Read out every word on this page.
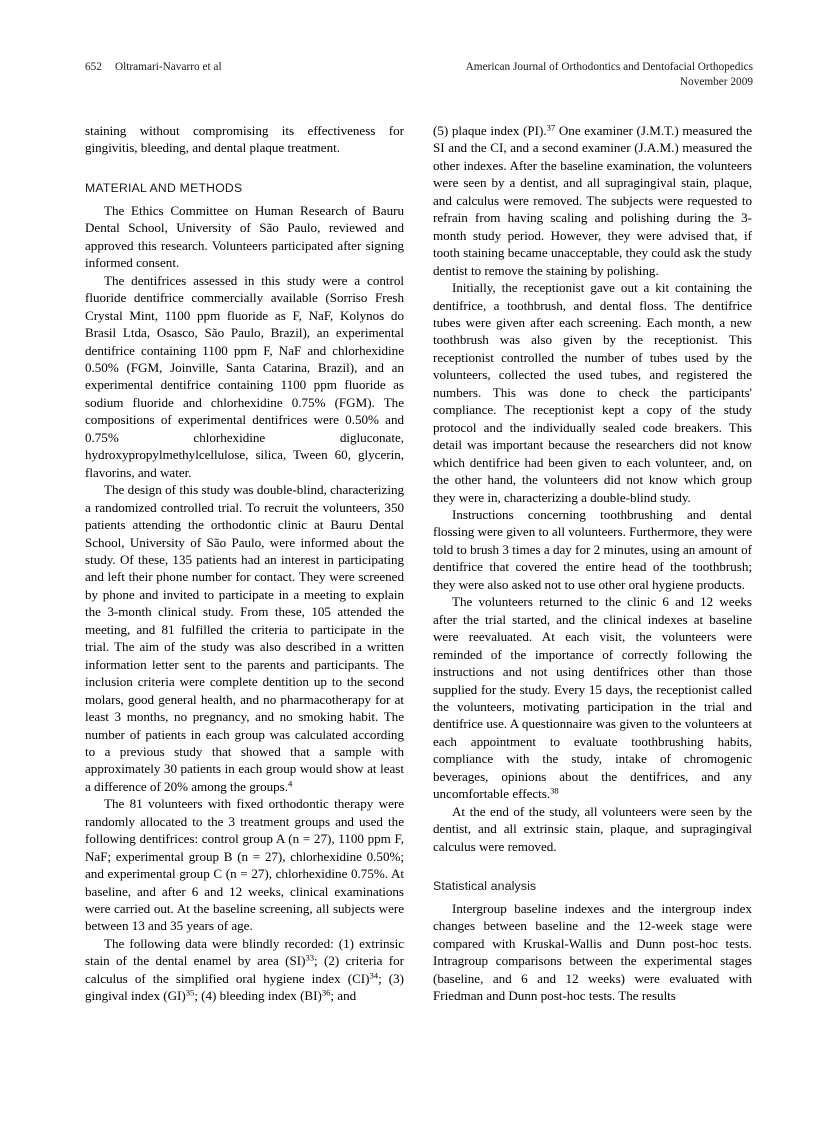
652 Oltramari-Navarro et al	American Journal of Orthodontics and Dentofacial Orthopedics
November 2009

staining without compromising its effectiveness for gingivitis, bleeding, and dental plaque treatment.

MATERIAL AND METHODS

The Ethics Committee on Human Research of Bauru Dental School, University of São Paulo, reviewed and approved this research. Volunteers participated after signing informed consent.

The dentifrices assessed in this study were a control fluoride dentifrice commercially available (Sorriso Fresh Crystal Mint, 1100 ppm fluoride as F, NaF, Kolynos do Brasil Ltda, Osasco, São Paulo, Brazil), an experimental dentifrice containing 1100 ppm F, NaF and chlorhexidine 0.50% (FGM, Joinville, Santa Catarina, Brazil), and an experimental dentifrice containing 1100 ppm fluoride as sodium fluoride and chlorhexidine 0.75% (FGM). The compositions of experimental dentifrices were 0.50% and 0.75% chlorhexidine digluconate, hydroxypropylmethylcellulose, silica, Tween 60, glycerin, flavorins, and water.

The design of this study was double-blind, characterizing a randomized controlled trial. To recruit the volunteers, 350 patients attending the orthodontic clinic at Bauru Dental School, University of São Paulo, were informed about the study. Of these, 135 patients had an interest in participating and left their phone number for contact. They were screened by phone and invited to participate in a meeting to explain the 3-month clinical study. From these, 105 attended the meeting, and 81 fulfilled the criteria to participate in the trial. The aim of the study was also described in a written information letter sent to the parents and participants. The inclusion criteria were complete dentition up to the second molars, good general health, and no pharmacotherapy for at least 3 months, no pregnancy, and no smoking habit. The number of patients in each group was calculated according to a previous study that showed that a sample with approximately 30 patients in each group would show at least a difference of 20% among the groups.$^4$

The 81 volunteers with fixed orthodontic therapy were randomly allocated to the 3 treatment groups and used the following dentifrices: control group A (n = 27), 1100 ppm F, NaF; experimental group B (n = 27), chlorhexidine 0.50%; and experimental group C (n = 27), chlorhexidine 0.75%. At baseline, and after 6 and 12 weeks, clinical examinations were carried out. At the baseline screening, all subjects were between 13 and 35 years of age.

The following data were blindly recorded: (1) extrinsic stain of the dental enamel by area (SI)$^{33}$; (2) criteria for calculus of the simplified oral hygiene index (CI)$^{34}$; (3) gingival index (GI)$^{35}$; (4) bleeding index (BI)$^{36}$; and

(5) plaque index (PI).$^{37}$ One examiner (J.M.T.) measured the SI and the CI, and a second examiner (J.A.M.) measured the other indexes. After the baseline examination, the volunteers were seen by a dentist, and all supragingival stain, plaque, and calculus were removed. The subjects were requested to refrain from having scaling and polishing during the 3-month study period. However, they were advised that, if tooth staining became unacceptable, they could ask the study dentist to remove the staining by polishing.

Initially, the receptionist gave out a kit containing the dentifrice, a toothbrush, and dental floss. The dentifrice tubes were given after each screening. Each month, a new toothbrush was also given by the receptionist. This receptionist controlled the number of tubes used by the volunteers, collected the used tubes, and registered the numbers. This was done to check the participants' compliance. The receptionist kept a copy of the study protocol and the individually sealed code breakers. This detail was important because the researchers did not know which dentifrice had been given to each volunteer, and, on the other hand, the volunteers did not know which group they were in, characterizing a double-blind study.

Instructions concerning toothbrushing and dental flossing were given to all volunteers. Furthermore, they were told to brush 3 times a day for 2 minutes, using an amount of dentifrice that covered the entire head of the toothbrush; they were also asked not to use other oral hygiene products.

The volunteers returned to the clinic 6 and 12 weeks after the trial started, and the clinical indexes at baseline were reevaluated. At each visit, the volunteers were reminded of the importance of correctly following the instructions and not using dentifrices other than those supplied for the study. Every 15 days, the receptionist called the volunteers, motivating participation in the trial and dentifrice use. A questionnaire was given to the volunteers at each appointment to evaluate toothbrushing habits, compliance with the study, intake of chromogenic beverages, opinions about the dentifrices, and any uncomfortable effects.$^{38}$

At the end of the study, all volunteers were seen by the dentist, and all extrinsic stain, plaque, and supragingival calculus were removed.

Statistical analysis

Intergroup baseline indexes and the intergroup index changes between baseline and the 12-week stage were compared with Kruskal-Wallis and Dunn post-hoc tests. Intragroup comparisons between the experimental stages (baseline, and 6 and 12 weeks) were evaluated with Friedman and Dunn post-hoc tests. The results
